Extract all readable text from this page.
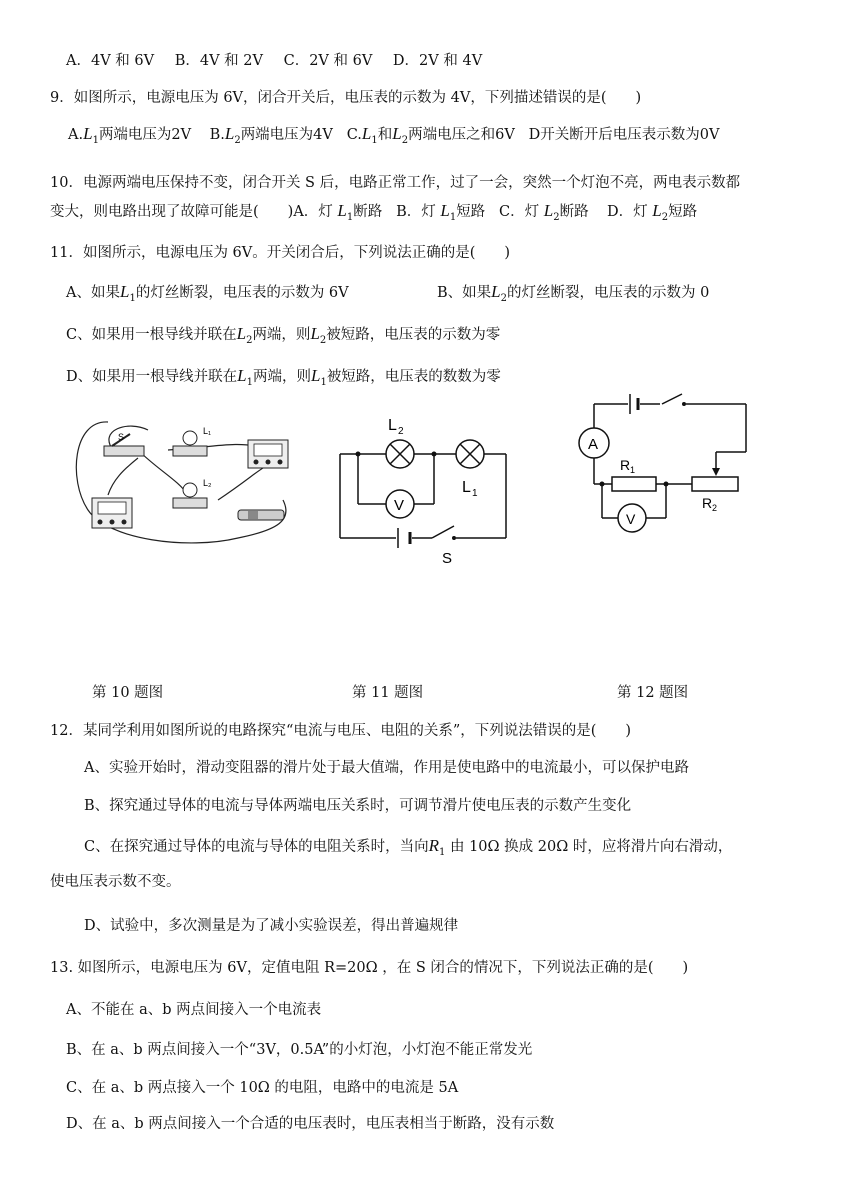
A．4V 和 6V B．4V 和 2V C．2V 和 6V D．2V 和 4V
9．如图所示，电源电压为 6V，闭合开关后，电压表的示数为 4V，下列描述错误的是(　　)
$A.L_1$两端电压为2V $B.L_2$两端电压为4V $C.L_1$和$L_2$两端电压之和6V D开关断开后电压表示数为0V
10．电源两端电压保持不变，闭合开关 S 后，电路正常工作，过了一会，突然一个灯泡不亮，两电表示数都
变大，则电路出现了故障可能是(　　)A．灯 $L_1$断路 B．灯 $L_1$短路 C．灯 $L_2$断路 D．灯 $L_2$短路
11．如图所示，电源电压为 6V。开关闭合后，下列说法正确的是(　　)
A、如果$L_1$的灯丝断裂，电压表的示数为 6V	B、如果$L_2$的灯丝断裂，电压表的示数为 0
C、如果用一根导线并联在$L_2$两端，则$L_2$被短路，电压表的示数为零
D、如果用一根导线并联在$L_1$两端，则$L_1$被短路，电压表的数数为零
S
L₁
L₂
L 2
L 1
V
S
A
R 1
R 2
V
第 10 题图	第 11 题图	第 12 题图
12．某同学利用如图所说的电路探究“电流与电压、电阻的关系”，下列说法错误的是(　　)
A、实验开始时，滑动变阻器的滑片处于最大值端，作用是使电路中的电流最小，可以保护电路
B、探究通过导体的电流与导体两端电压关系时，可调节滑片使电压表的示数产生变化
C、在探究通过导体的电流与导体的电阻关系时，当向$R_1$ 由 10Ω 换成 20Ω 时，应将滑片向右滑动，
使电压表示数不变。
D、试验中，多次测量是为了减小实验误差，得出普遍规律
13. 如图所示，电源电压为 6V，定值电阻 R=20Ω ，在 S 闭合的情况下，下列说法正确的是(　　)
A、不能在 a、b 两点间接入一个电流表
B、在 a、b 两点间接入一个“3V，0.5A”的小灯泡，小灯泡不能正常发光
C、在 a、b 两点接入一个 10Ω 的电阻，电路中的电流是 5A
D、在 a、b 两点间接入一个合适的电压表时，电压表相当于断路，没有示数
